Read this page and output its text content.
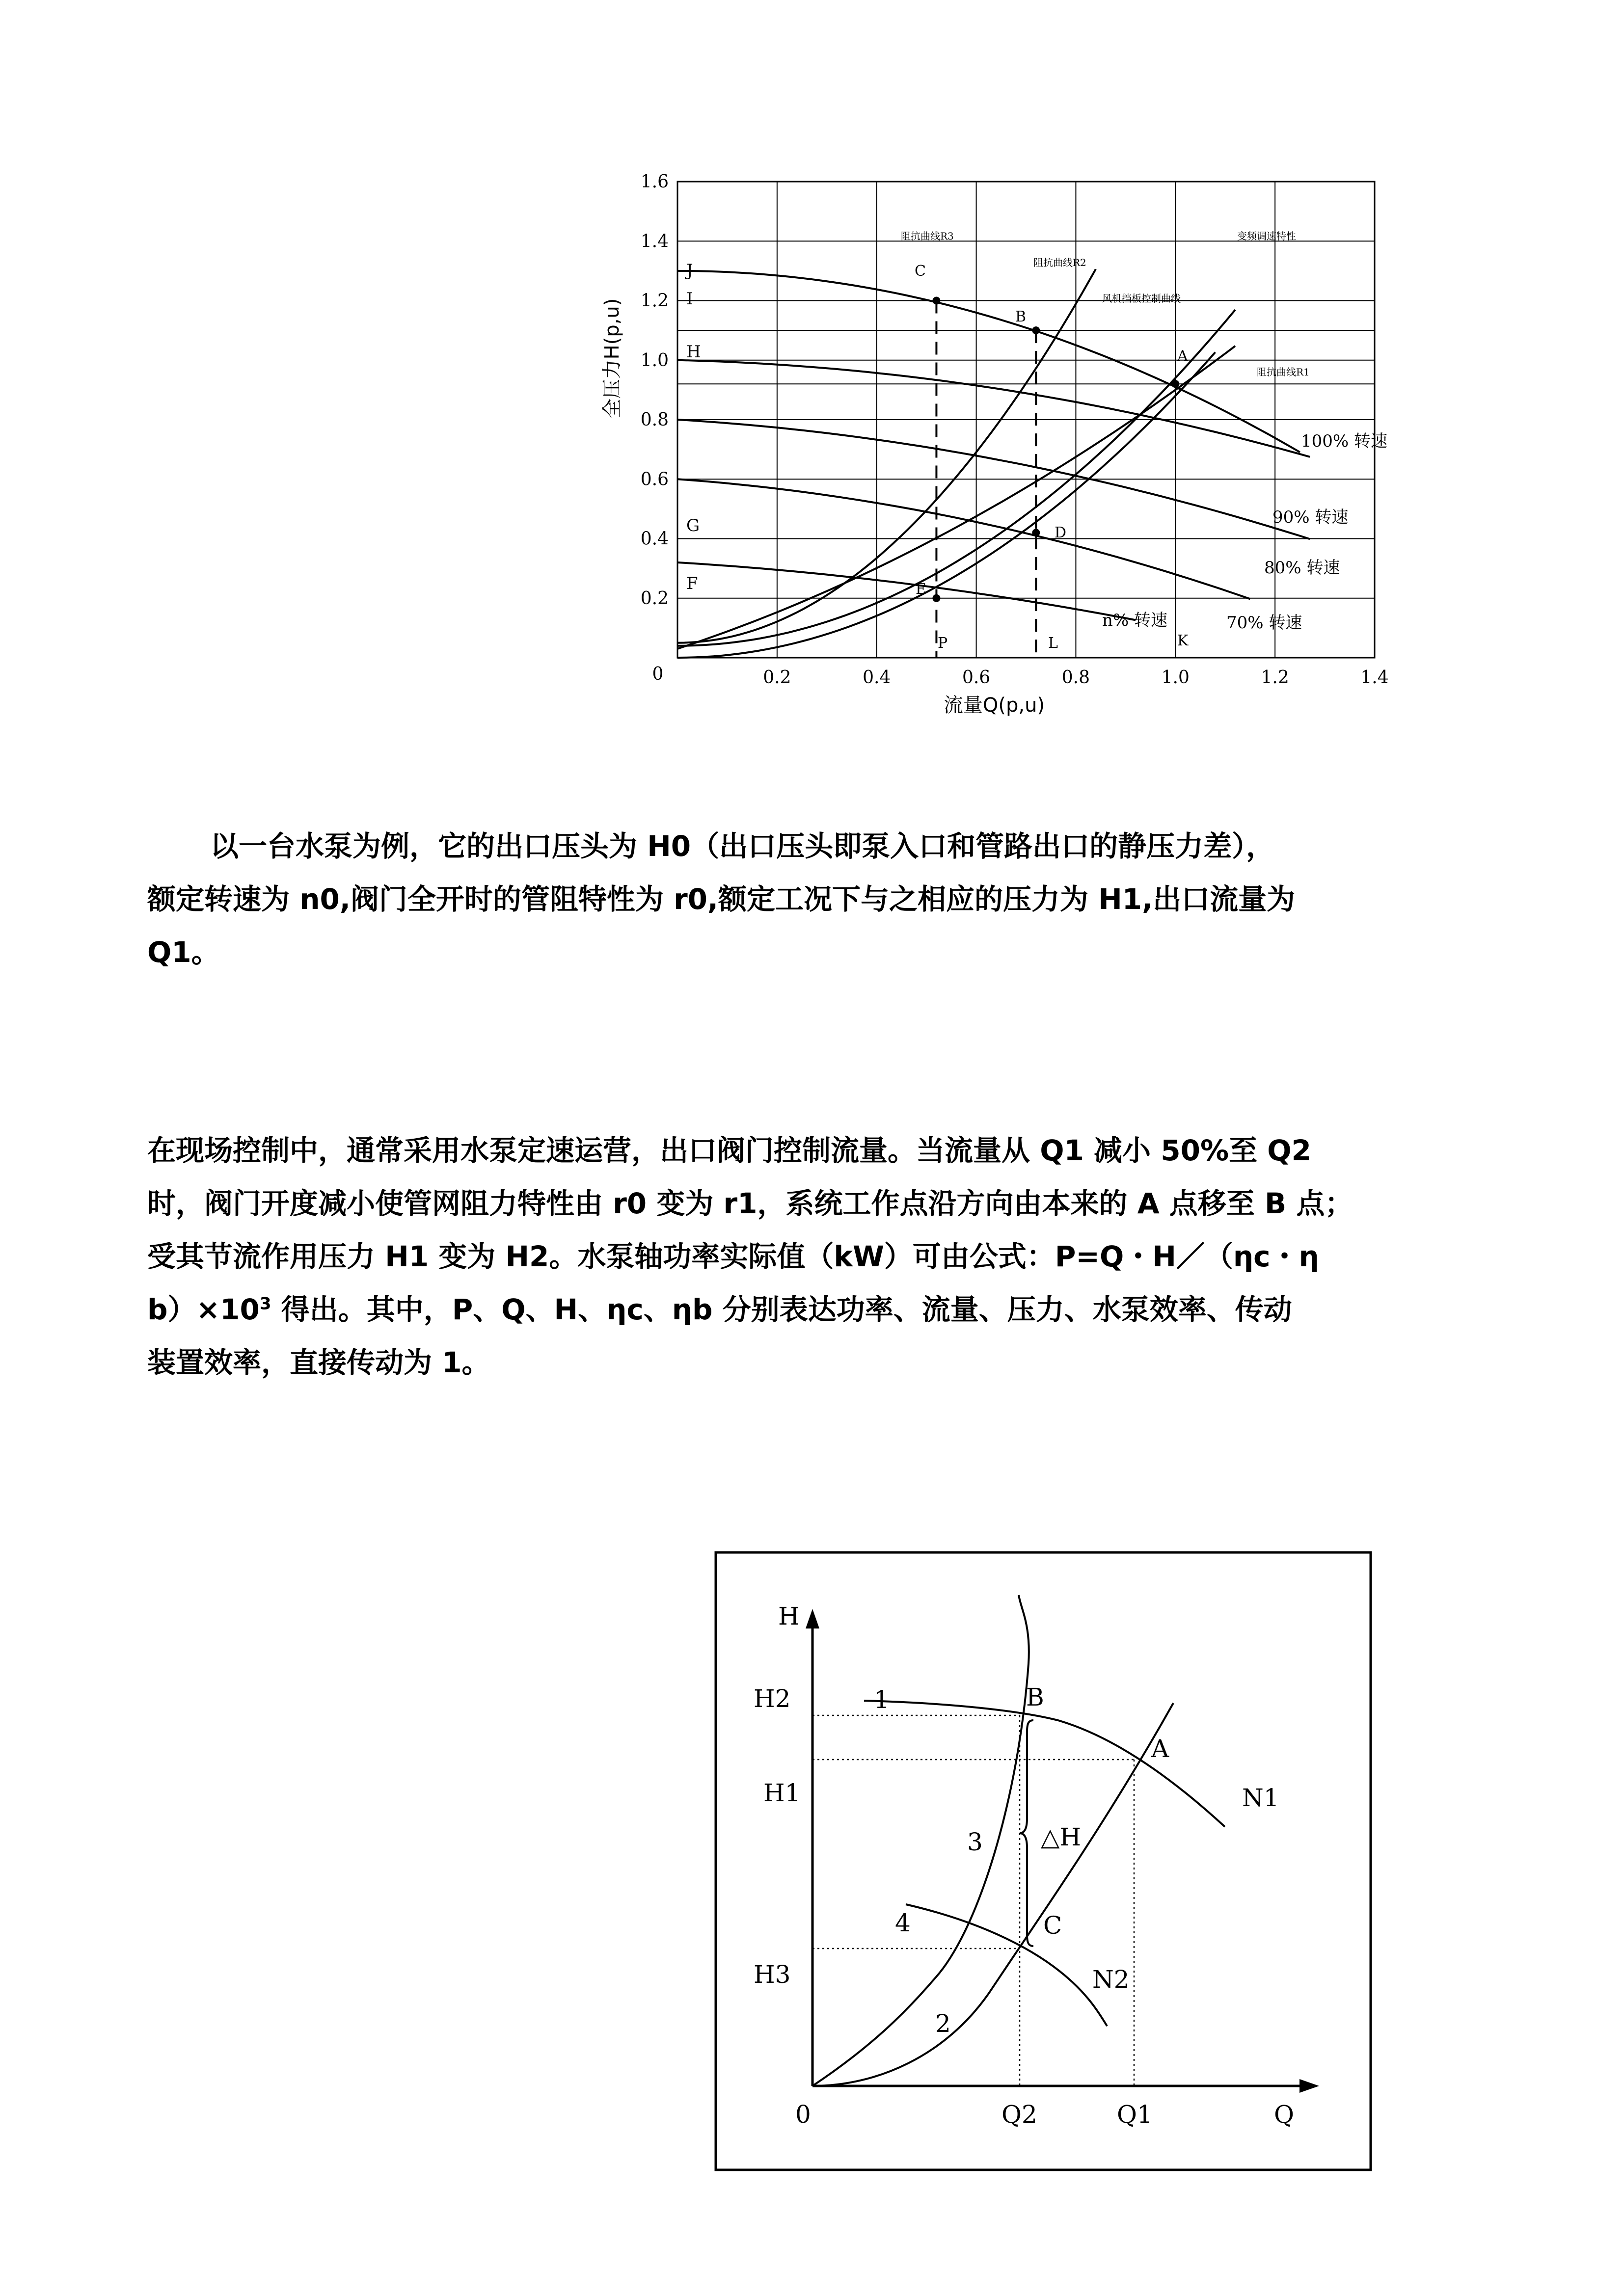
0.2	0.4	0.6	0.8	1.0	1.2	1.4
0.2
0.4
0.6
0.8
1.0
1.2
1.4
1.6
全压力H(p,u)
流量Q(p,u)
0
J
I
H
G
F
A
B
C
D
E
K
P	L
阻抗曲线R3
阻抗曲线R2
变频调速特性
风机挡板控制曲线
阻抗曲线R1
100% 转速
90% 转速
80% 转速
70% 转速
n% 转速
以一台水泵为例，它的出口压头为 H0（出口压头即泵入口和管路出口的静压力差），
额定转速为 n0,阀门全开时的管阻特性为 r0,额定工况下与之相应的压力为 H1,出口流量为
Q1。
在现场控制中，通常采用水泵定速运营，出口阀门控制流量。当流量从 Q1 减小 50%至 Q2
时，阀门开度减小使管网阻力特性由 r0 变为 r1，系统工作点沿方向由本来的 A 点移至 B 点；
受其节流作用压力 H1 变为 H2。水泵轴功率实际值（kW）可由公式：P=Q・H／（ηc・η
$b)\times 10^3$ 得出。其中，P、Q、H、ηc、ηb 分别表达功率、流量、压力、水泵效率、传动
装置效率，直接传动为 1。
H
Q
0
H2
H1
H3
Q2	Q1
A
B
C
N1
N2
1
2
3
4
△H
